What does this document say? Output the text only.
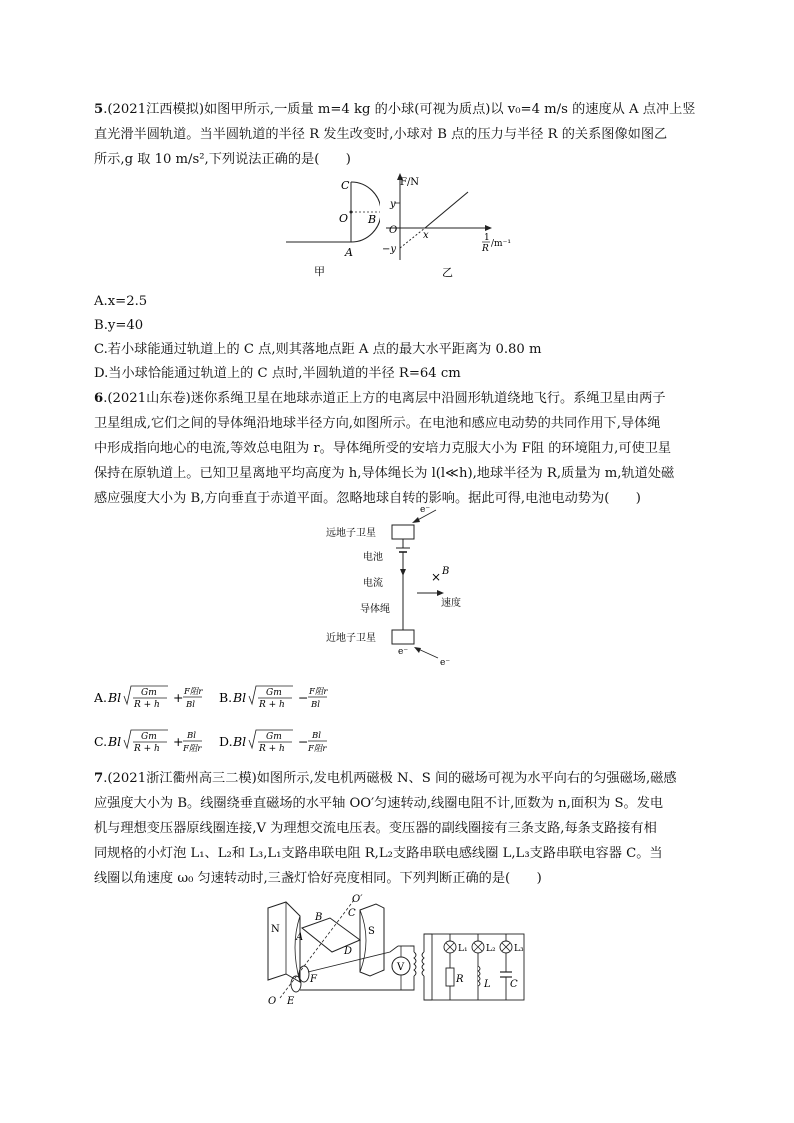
5.(2021江西模拟)如图甲所示,一质量 m=4 kg 的小球(可视为质点)以 v₀=4 m/s 的速度从 A 点冲上竖
直光滑半圆轨道。当半圆轨道的半径 R 发生改变时,小球对 B 点的压力与半径 R 的关系图像如图乙
所示,g 取 10 m/s²,下列说法正确的是(　　)
C
O B
A
甲
F/N
y
O	x
−y
1
R /m⁻¹
乙
A.x=2.5
B.y=40
C.若小球能通过轨道上的 C 点,则其落地点距 A 点的最大水平距离为 0.80 m
D.当小球恰能通过轨道上的 C 点时,半圆轨道的半径 R=64 cm
6.(2021山东卷)迷你系绳卫星在地球赤道正上方的电离层中沿圆形轨道绕地飞行。系绳卫星由两子
卫星组成,它们之间的导体绳沿地球半径方向,如图所示。在电池和感应电动势的共同作用下,导体绳
中形成指向地心的电流,等效总电阻为 r。导体绳所受的安培力克服大小为 F阻 的环境阻力,可使卫星
保持在原轨道上。已知卫星离地平均高度为 h,导体绳长为 l(l≪h),地球半径为 R,质量为 m,轨道处磁
感应强度大小为 B,方向垂直于赤道平面。忽略地球自转的影响。据此可得,电池电动势为(　　)
e⁻
远地子卫星
电池
电流	× B
速度
导体绳
近地子卫星
e⁻
e⁻
A. Bl Gm
R + h + F阻r
Bl B. Bl Gm
R + h − F阻r
Bl
C. Bl Gm
R + h + Bl
F阻r D. Bl Gm
R + h − Bl
F阻r
7.(2021浙江衢州高三二模)如图所示,发电机两磁极 N、S 间的磁场可视为水平向右的匀强磁场,磁感
应强度大小为 B。线圈绕垂直磁场的水平轴 OO′匀速转动,线圈电阻不计,匝数为 n,面积为 S。发电
机与理想变压器原线圈连接,V 为理想交流电压表。变压器的副线圈接有三条支路,每条支路接有相
同规格的小灯泡 L₁、L₂和 L₃,L₁支路串联电阻 R,L₂支路串联电感线圈 L,L₃支路串联电容器 C。当
线圈以角速度 ω₀ 匀速转动时,三盏灯恰好亮度相同。下列判断正确的是(　　)
N	S
A
B	C
D
O′
O
F
E
V
L₁ L₂ L₃
R L C
